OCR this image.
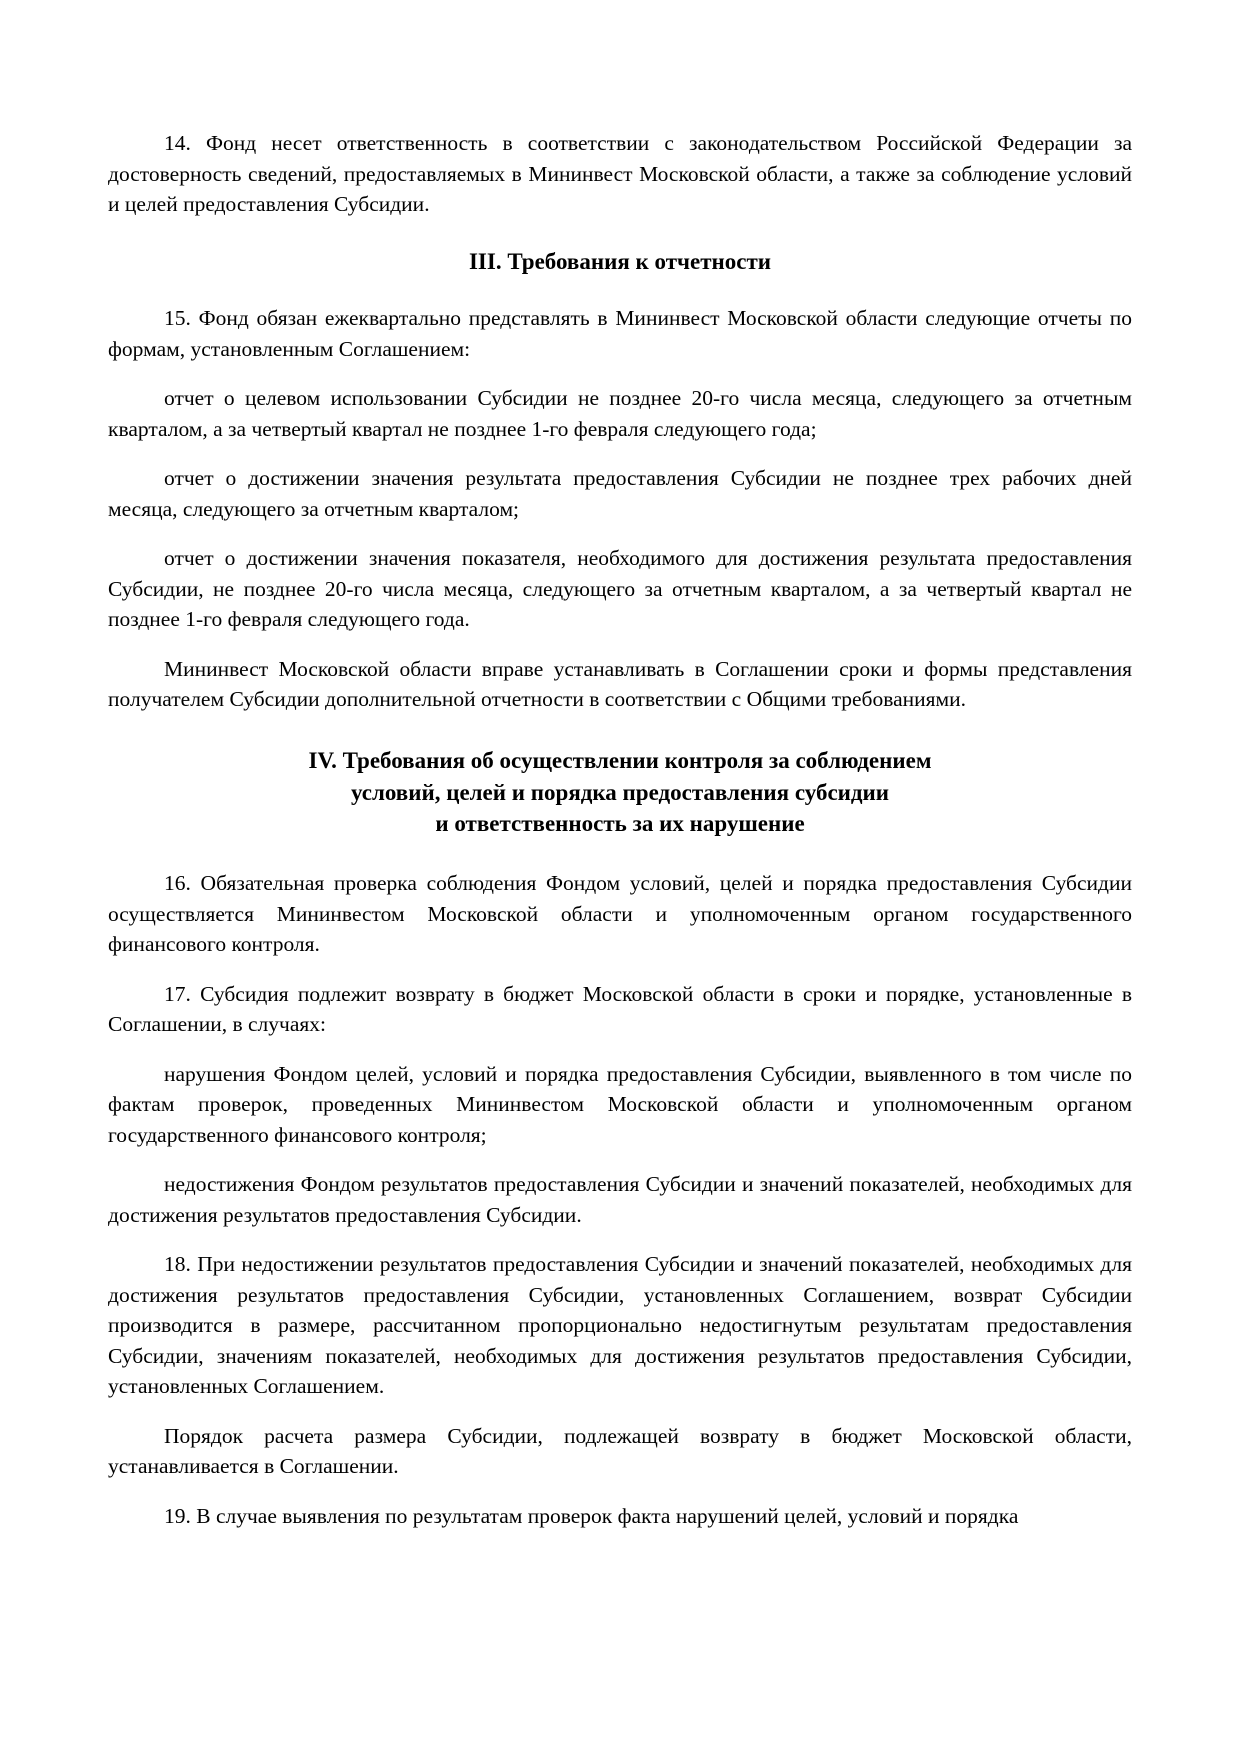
14. Фонд несет ответственность в соответствии с законодательством Российской Федерации за достоверность сведений, предоставляемых в Мининвест Московской области, а также за соблюдение условий и целей предоставления Субсидии.

III. Требования к отчетности

15. Фонд обязан ежеквартально представлять в Мининвест Московской области следующие отчеты по формам, установленным Соглашением:

отчет о целевом использовании Субсидии не позднее 20-го числа месяца, следующего за отчетным кварталом, а за четвертый квартал не позднее 1-го февраля следующего года;

отчет о достижении значения результата предоставления Субсидии не позднее трех рабочих дней месяца, следующего за отчетным кварталом;

отчет о достижении значения показателя, необходимого для достижения результата предоставления Субсидии, не позднее 20-го числа месяца, следующего за отчетным кварталом, а за четвертый квартал не позднее 1-го февраля следующего года.

Мининвест Московской области вправе устанавливать в Соглашении сроки и формы представления получателем Субсидии дополнительной отчетности в соответствии с Общими требованиями.

IV. Требования об осуществлении контроля за соблюдением
условий, целей и порядка предоставления субсидии
и ответственность за их нарушение

16. Обязательная проверка соблюдения Фондом условий, целей и порядка предоставления Субсидии осуществляется Мининвестом Московской области и уполномоченным органом государственного финансового контроля.

17. Субсидия подлежит возврату в бюджет Московской области в сроки и порядке, установленные в Соглашении, в случаях:

нарушения Фондом целей, условий и порядка предоставления Субсидии, выявленного в том числе по фактам проверок, проведенных Мининвестом Московской области и уполномоченным органом государственного финансового контроля;

недостижения Фондом результатов предоставления Субсидии и значений показателей, необходимых для достижения результатов предоставления Субсидии.

18. При недостижении результатов предоставления Субсидии и значений показателей, необходимых для достижения результатов предоставления Субсидии, установленных Соглашением, возврат Субсидии производится в размере, рассчитанном пропорционально недостигнутым результатам предоставления Субсидии, значениям показателей, необходимых для достижения результатов предоставления Субсидии, установленных Соглашением.

Порядок расчета размера Субсидии, подлежащей возврату в бюджет Московской области, устанавливается в Соглашении.

19. В случае выявления по результатам проверок факта нарушений целей, условий и порядка
